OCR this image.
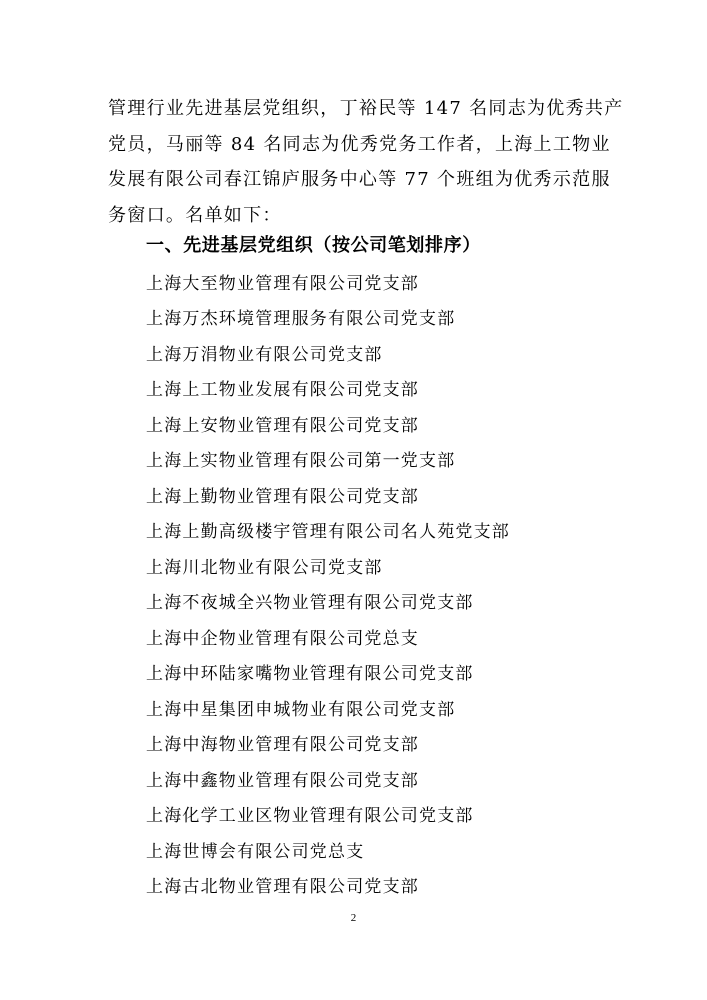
管理行业先进基层党组织，丁裕民等 147 名同志为优秀共产
党员，马丽等 84 名同志为优秀党务工作者，上海上工物业
发展有限公司春江锦庐服务中心等 77 个班组为优秀示范服
务窗口。名单如下：

一、先进基层党组织（按公司笔划排序）
上海大至物业管理有限公司党支部
上海万杰环境管理服务有限公司党支部
上海万涓物业有限公司党支部
上海上工物业发展有限公司党支部
上海上安物业管理有限公司党支部
上海上实物业管理有限公司第一党支部
上海上勤物业管理有限公司党支部
上海上勤高级楼宇管理有限公司名人苑党支部
上海川北物业有限公司党支部
上海不夜城全兴物业管理有限公司党支部
上海中企物业管理有限公司党总支
上海中环陆家嘴物业管理有限公司党支部
上海中星集团申城物业有限公司党支部
上海中海物业管理有限公司党支部
上海中鑫物业管理有限公司党支部
上海化学工业区物业管理有限公司党支部
上海世博会有限公司党总支
上海古北物业管理有限公司党支部
2
